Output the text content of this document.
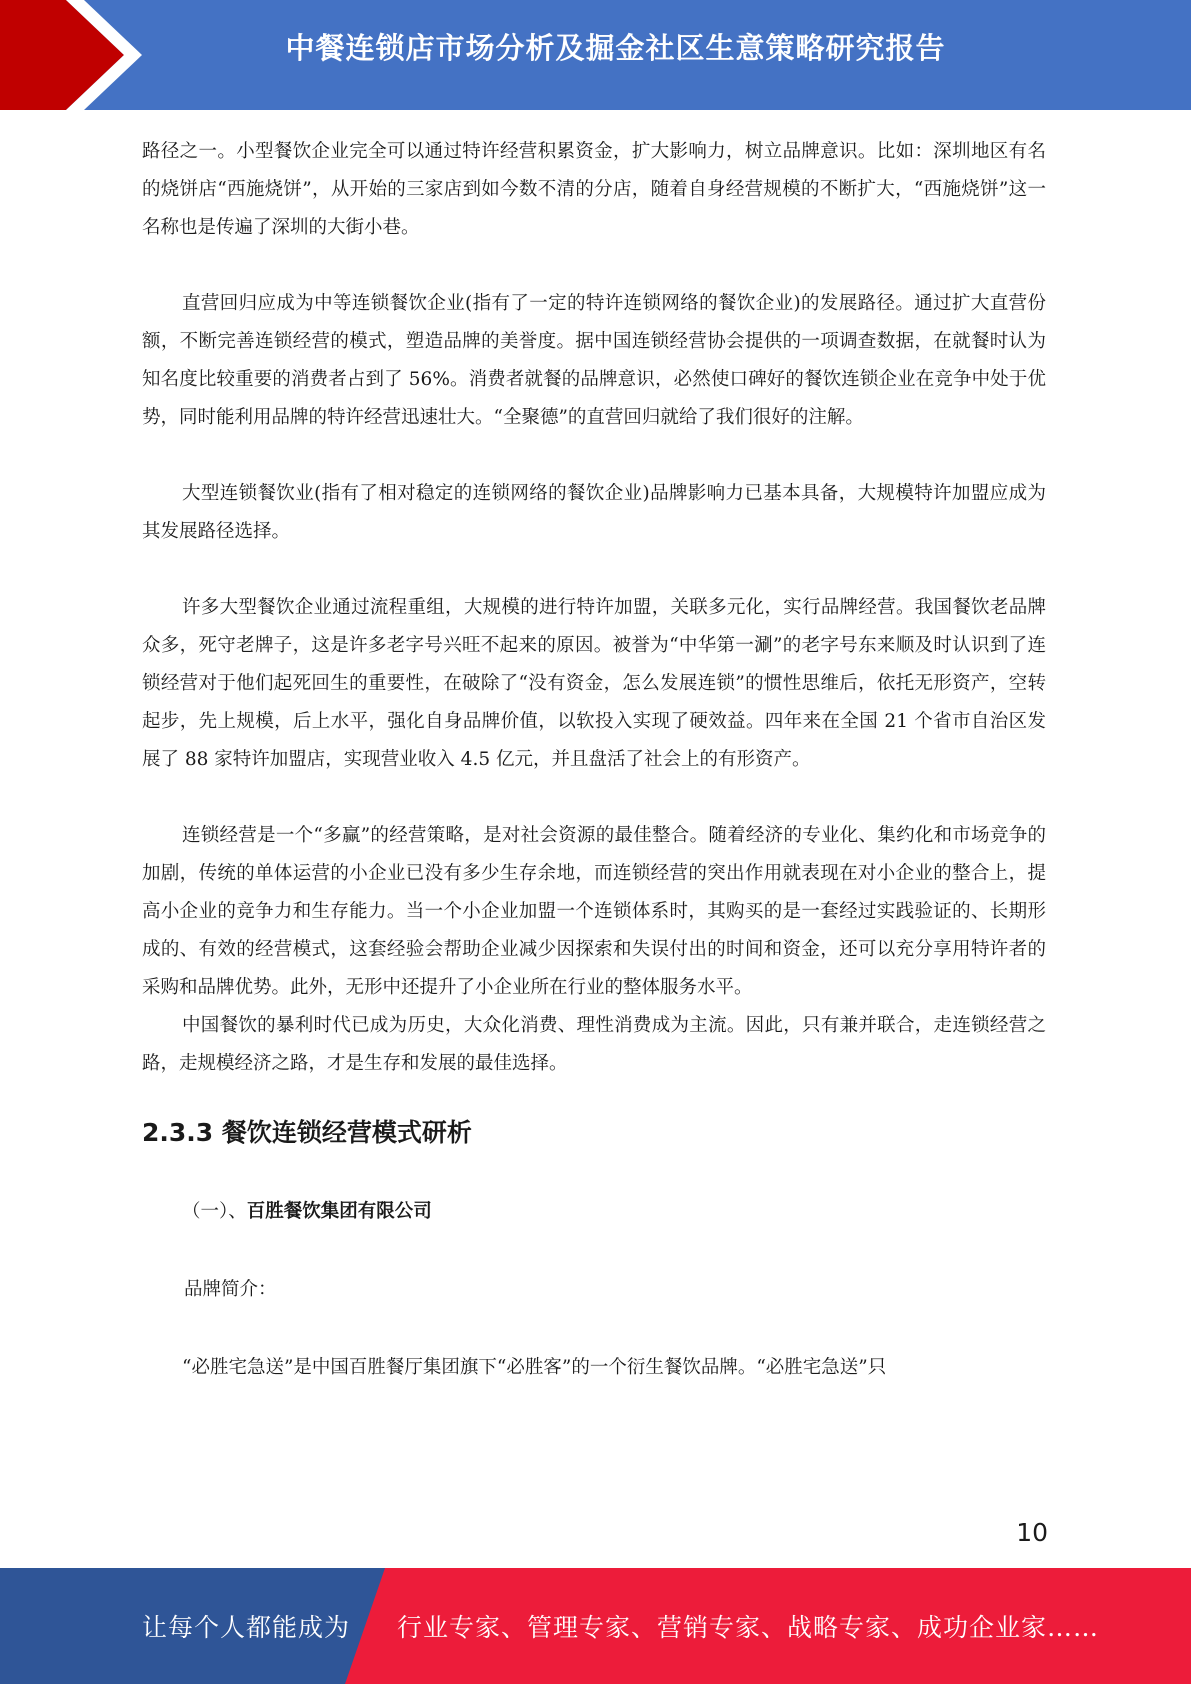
中餐连锁店市场分析及掘金社区生意策略研究报告

路径之一。小型餐饮企业完全可以通过特许经营积累资金，扩大影响力，树立品牌意识。比如：深圳地区有名的烧饼店“西施烧饼”，从开始的三家店到如今数不清的分店，随着自身经营规模的不断扩大，“西施烧饼”这一名称也是传遍了深圳的大街小巷。

直营回归应成为中等连锁餐饮企业(指有了一定的特许连锁网络的餐饮企业)的发展路径。通过扩大直营份额，不断完善连锁经营的模式，塑造品牌的美誉度。据中国连锁经营协会提供的一项调查数据，在就餐时认为知名度比较重要的消费者占到了 56%。消费者就餐的品牌意识，必然使口碑好的餐饮连锁企业在竞争中处于优势，同时能利用品牌的特许经营迅速壮大。“全聚德”的直营回归就给了我们很好的注解。

大型连锁餐饮业(指有了相对稳定的连锁网络的餐饮企业)品牌影响力已基本具备，大规模特许加盟应成为其发展路径选择。

许多大型餐饮企业通过流程重组，大规模的进行特许加盟，关联多元化，实行品牌经营。我国餐饮老品牌众多，死守老牌子，这是许多老字号兴旺不起来的原因。被誉为“中华第一涮”的老字号东来顺及时认识到了连锁经营对于他们起死回生的重要性，在破除了“没有资金，怎么发展连锁”的惯性思维后，依托无形资产，空转起步，先上规模，后上水平，强化自身品牌价值，以软投入实现了硬效益。四年来在全国 21 个省市自治区发展了 88 家特许加盟店，实现营业收入 4.5 亿元，并且盘活了社会上的有形资产。

连锁经营是一个“多赢”的经营策略，是对社会资源的最佳整合。随着经济的专业化、集约化和市场竞争的加剧，传统的单体运营的小企业已没有多少生存余地，而连锁经营的突出作用就表现在对小企业的整合上，提高小企业的竞争力和生存能力。当一个小企业加盟一个连锁体系时，其购买的是一套经过实践验证的、长期形成的、有效的经营模式，这套经验会帮助企业减少因探索和失误付出的时间和资金，还可以充分享用特许者的采购和品牌优势。此外，无形中还提升了小企业所在行业的整体服务水平。

中国餐饮的暴利时代已成为历史，大众化消费、理性消费成为主流。因此，只有兼并联合，走连锁经营之路，走规模经济之路，才是生存和发展的最佳选择。

2.3.3 餐饮连锁经营模式研析

（一）、百胜餐饮集团有限公司

品牌简介：

“必胜宅急送”是中国百胜餐厅集团旗下“必胜客”的一个衍生餐饮品牌。“必胜宅急送”只

10
让每个人都能成为 行业专家、管理专家、营销专家、战略专家、成功企业家……
